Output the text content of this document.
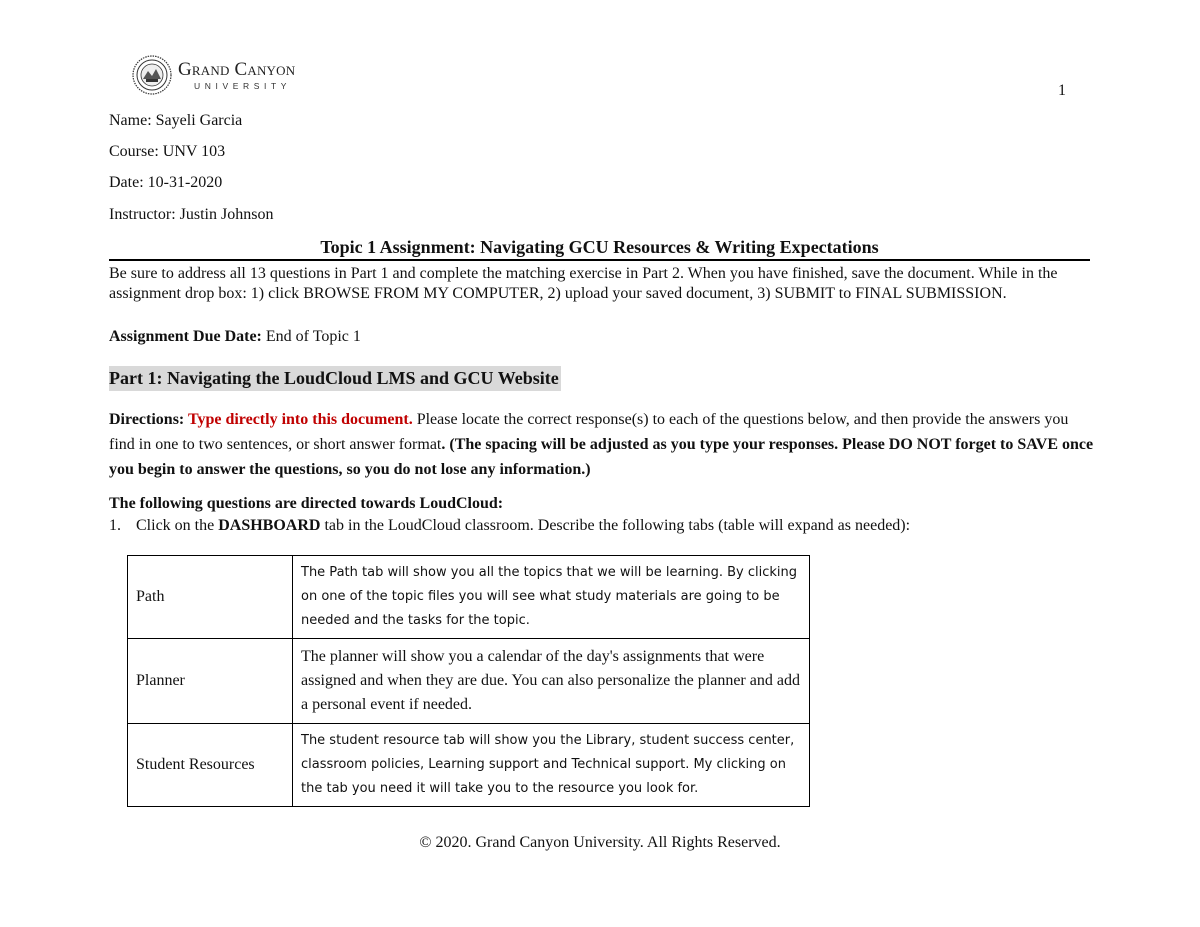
Grand Canyon
UNIVERSITY	1
Name: Sayeli Garcia
Course: UNV 103
Date: 10-31-2020
Instructor: Justin Johnson
Topic 1 Assignment: Navigating GCU Resources & Writing Expectations
Be sure to address all 13 questions in Part 1 and complete the matching exercise in Part 2. When you have finished, save the document. While in the assignment drop box: 1) click BROWSE FROM MY COMPUTER, 2) upload your saved document, 3) SUBMIT to FINAL SUBMISSION.
Assignment Due Date: End of Topic 1
Part 1: Navigating the LoudCloud LMS and GCU Website
Directions: Type directly into this document. Please locate the correct response(s) to each of the questions below, and then provide the answers you find in one to two sentences, or short answer format. (The spacing will be adjusted as you type your responses. Please DO NOT forget to SAVE once you begin to answer the questions, so you do not lose any information.)
The following questions are directed towards LoudCloud:
1. Click on the DASHBOARD tab in the LoudCloud classroom. Describe the following tabs (table will expand as needed):
Path	The Path tab will show you all the topics that we will be learning. By clicking on one of the topic files you will see what study materials are going to be needed and the tasks for the topic.
Planner	The planner will show you a calendar of the day's assignments that were assigned and when they are due. You can also personalize the planner and add a personal event if needed.
Student Resources	The student resource tab will show you the Library, student success center, classroom policies, Learning support and Technical support. My clicking on the tab you need it will take you to the resource you look for.
© 2020. Grand Canyon University. All Rights Reserved.
